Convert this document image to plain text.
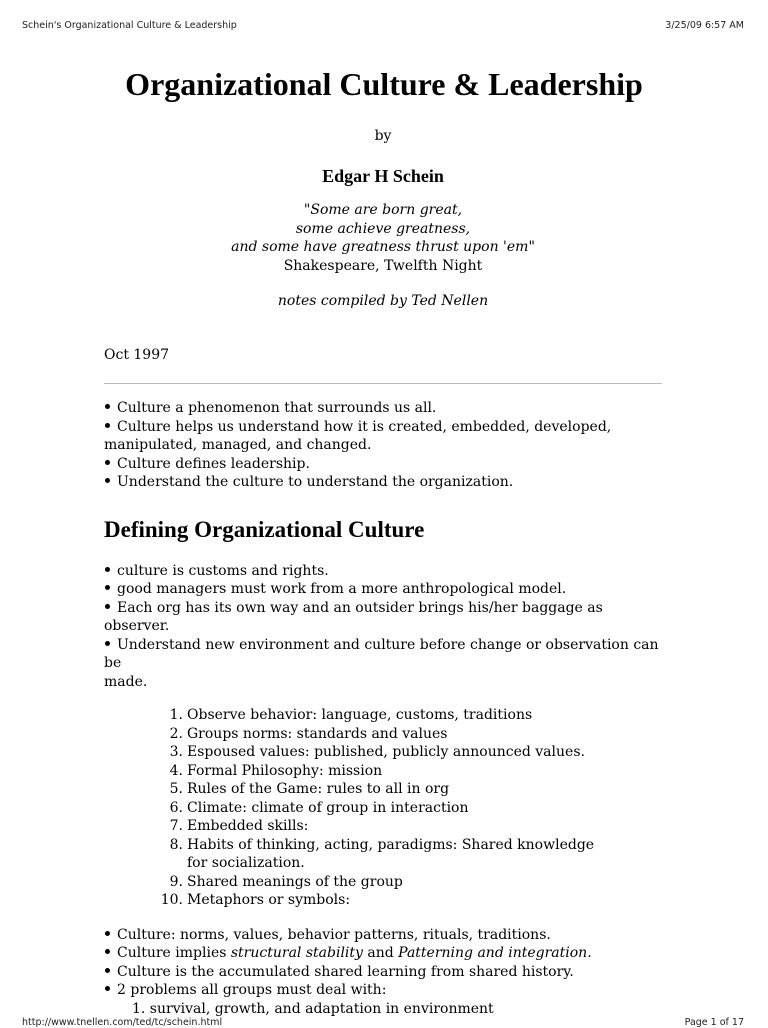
Schein's Organizational Culture & Leadership	3/25/09 6:57 AM
Organizational Culture & Leadership
by
Edgar H Schein
"Some are born great,
some achieve greatness,
and some have greatness thrust upon 'em"
Shakespeare, Twelfth Night
notes compiled by Ted Nellen
Oct 1997
Culture a phenomenon that surrounds us all.
Culture helps us understand how it is created, embedded, developed,
manipulated, managed, and changed.
Culture defines leadership.
Understand the culture to understand the organization.
Defining Organizational Culture
culture is customs and rights.
good managers must work from a more anthropological model.
Each org has its own way and an outsider brings his/her baggage as observer.
Understand new environment and culture before change or observation can be
made.
1. Observe behavior: language, customs, traditions
2. Groups norms: standards and values
3. Espoused values: published, publicly announced values.
4. Formal Philosophy: mission
5. Rules of the Game: rules to all in org
6. Climate: climate of group in interaction
7. Embedded skills:
8. Habits of thinking, acting, paradigms: Shared knowledge for socialization.
9. Shared meanings of the group
10. Metaphors or symbols:
Culture: norms, values, behavior patterns, rituals, traditions.
Culture implies structural stability and Patterning and integration.
Culture is the accumulated shared learning from shared history.
2 problems all groups must deal with:
1. survival, growth, and adaptation in environment
http://www.tnellen.com/ted/tc/schein.html	Page 1 of 17
